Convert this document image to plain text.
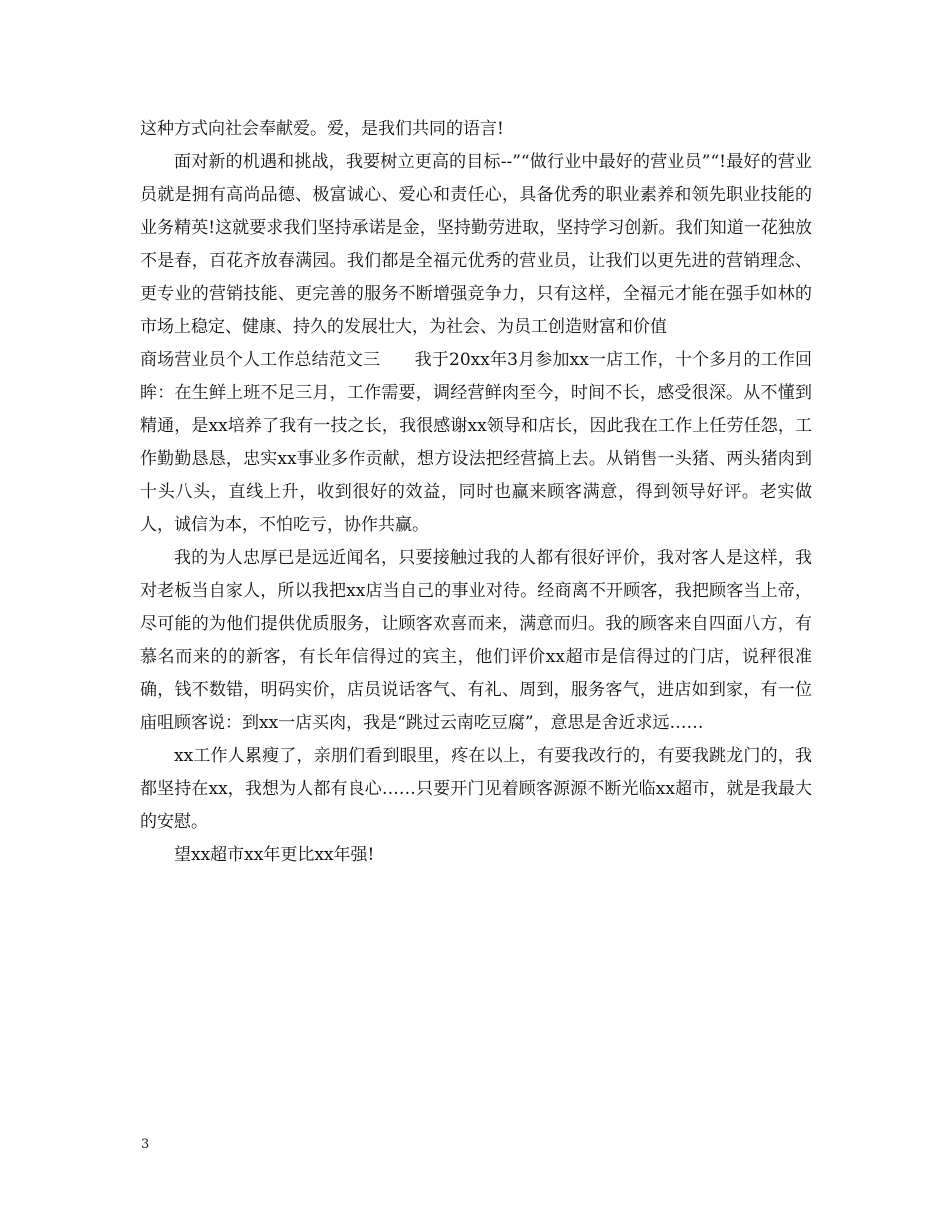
这种方式向社会奉献爱。爱，是我们共同的语言!

面对新的机遇和挑战，我要树立更高的目标--”“做行业中最好的营业员”“!最好的营业员就是拥有高尚品德、极富诚心、爱心和责任心，具备优秀的职业素养和领先职业技能的业务精英!这就要求我们坚持承诺是金，坚持勤劳进取，坚持学习创新。我们知道一花独放不是春，百花齐放春满园。我们都是全福元优秀的营业员，让我们以更先进的营销理念、更专业的营销技能、更完善的服务不断增强竞争力，只有这样，全福元才能在强手如林的市场上稳定、健康、持久的发展壮大，为社会、为员工创造财富和价值

商场营业员个人工作总结范文三　　我于20xx年3月参加xx一店工作，十个多月的工作回眸：在生鲜上班不足三月，工作需要，调经营鲜肉至今，时间不长，感受很深。从不懂到精通，是xx培养了我有一技之长，我很感谢xx领导和店长，因此我在工作上任劳任怨，工作勤勤恳恳，忠实xx事业多作贡献，想方设法把经营搞上去。从销售一头猪、两头猪肉到十头八头，直线上升，收到很好的效益，同时也赢来顾客满意，得到领导好评。老实做人，诚信为本，不怕吃亏，协作共赢。

我的为人忠厚已是远近闻名，只要接触过我的人都有很好评价，我对客人是这样，我对老板当自家人，所以我把xx店当自己的事业对待。经商离不开顾客，我把顾客当上帝，尽可能的为他们提供优质服务，让顾客欢喜而来，满意而归。我的顾客来自四面八方，有慕名而来的的新客，有长年信得过的宾主，他们评价xx超市是信得过的门店，说秤很准确，钱不数错，明码实价，店员说话客气、有礼、周到，服务客气，进店如到家，有一位庙咀顾客说：到xx一店买肉，我是“跳过云南吃豆腐”，意思是舍近求远……

xx工作人累瘦了，亲朋们看到眼里，疼在以上，有要我改行的，有要我跳龙门的，我都坚持在xx，我想为人都有良心……只要开门见着顾客源源不断光临xx超市，就是我最大的安慰。

望xx超市xx年更比xx年强!

3
